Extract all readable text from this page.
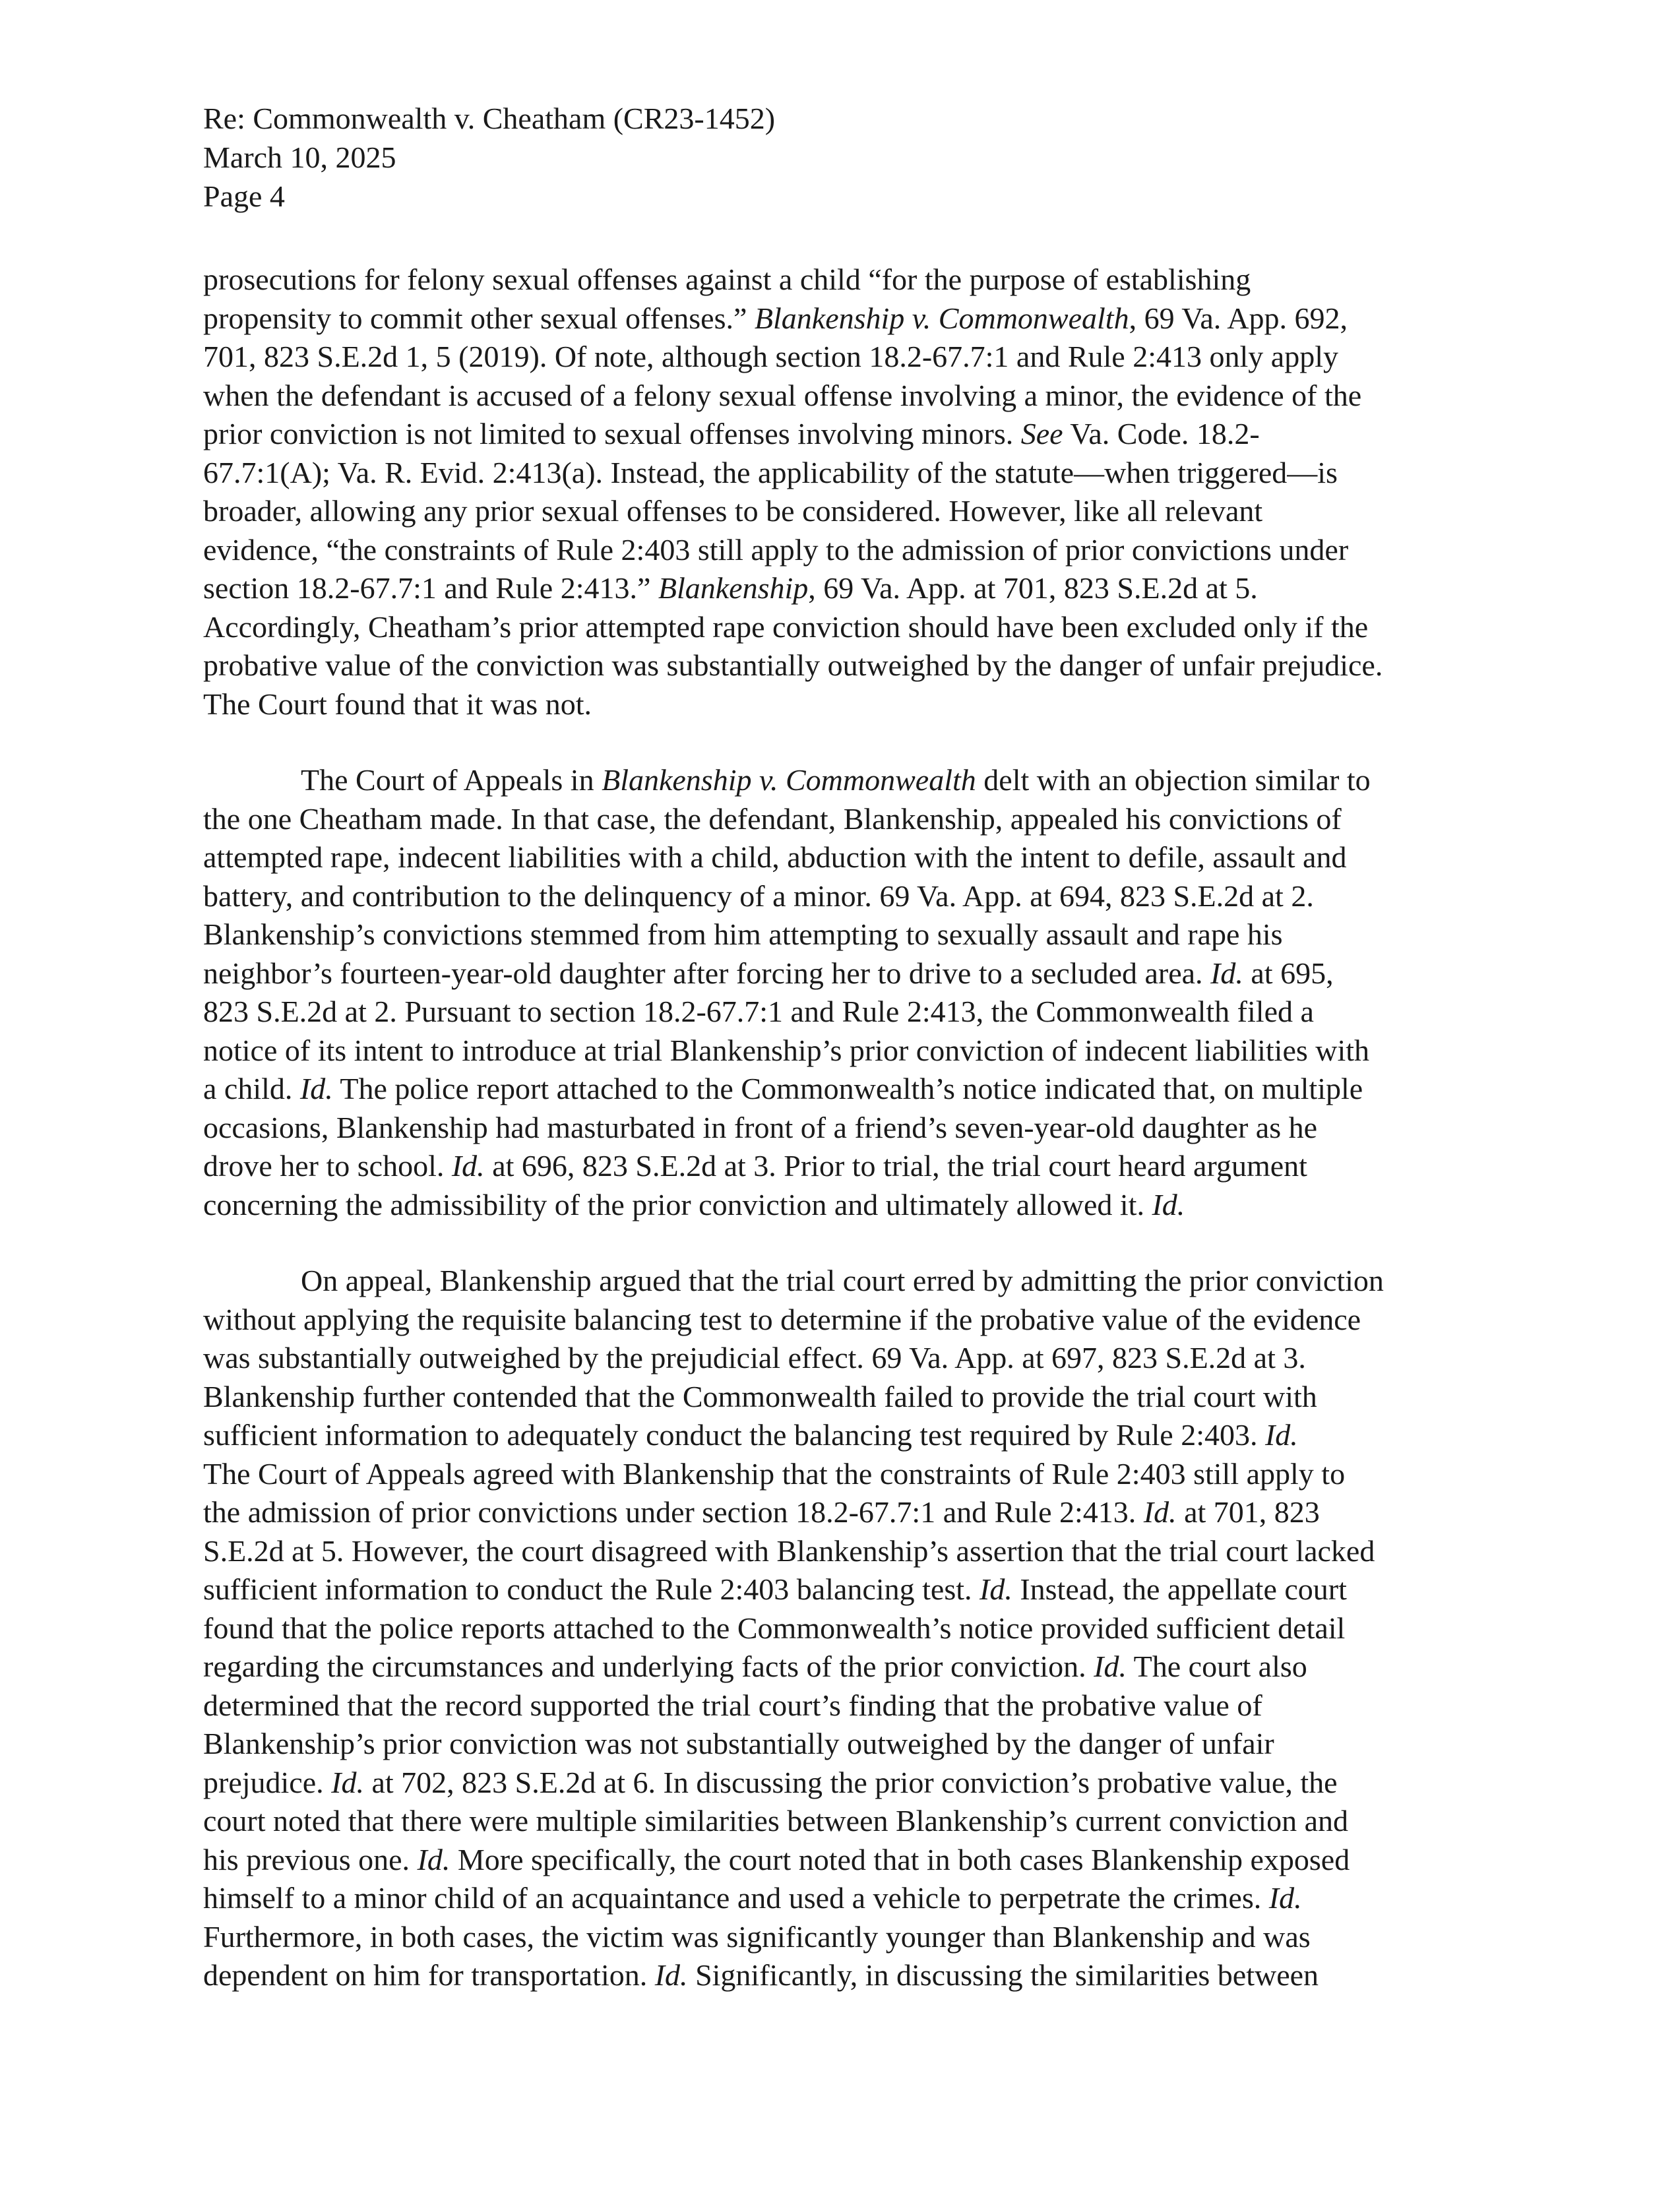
Re: Commonwealth v. Cheatham (CR23-1452)
March 10, 2025
Page 4
prosecutions for felony sexual offenses against a child “for the purpose of establishing
propensity to commit other sexual offenses.” Blankenship v. Commonwealth, 69 Va. App. 692,
701, 823 S.E.2d 1, 5 (2019). Of note, although section 18.2-67.7:1 and Rule 2:413 only apply
when the defendant is accused of a felony sexual offense involving a minor, the evidence of the
prior conviction is not limited to sexual offenses involving minors. See Va. Code. 18.2-
67.7:1(A); Va. R. Evid. 2:413(a). Instead, the applicability of the statute—when triggered—is
broader, allowing any prior sexual offenses to be considered. However, like all relevant
evidence, “the constraints of Rule 2:403 still apply to the admission of prior convictions under
section 18.2-67.7:1 and Rule 2:413.” Blankenship, 69 Va. App. at 701, 823 S.E.2d at 5.
Accordingly, Cheatham’s prior attempted rape conviction should have been excluded only if the
probative value of the conviction was substantially outweighed by the danger of unfair prejudice.
The Court found that it was not.
The Court of Appeals in Blankenship v. Commonwealth delt with an objection similar to
the one Cheatham made. In that case, the defendant, Blankenship, appealed his convictions of
attempted rape, indecent liabilities with a child, abduction with the intent to defile, assault and
battery, and contribution to the delinquency of a minor. 69 Va. App. at 694, 823 S.E.2d at 2.
Blankenship’s convictions stemmed from him attempting to sexually assault and rape his
neighbor’s fourteen-year-old daughter after forcing her to drive to a secluded area. Id. at 695,
823 S.E.2d at 2. Pursuant to section 18.2-67.7:1 and Rule 2:413, the Commonwealth filed a
notice of its intent to introduce at trial Blankenship’s prior conviction of indecent liabilities with
a child. Id. The police report attached to the Commonwealth’s notice indicated that, on multiple
occasions, Blankenship had masturbated in front of a friend’s seven-year-old daughter as he
drove her to school. Id. at 696, 823 S.E.2d at 3. Prior to trial, the trial court heard argument
concerning the admissibility of the prior conviction and ultimately allowed it. Id.
On appeal, Blankenship argued that the trial court erred by admitting the prior conviction
without applying the requisite balancing test to determine if the probative value of the evidence
was substantially outweighed by the prejudicial effect. 69 Va. App. at 697, 823 S.E.2d at 3.
Blankenship further contended that the Commonwealth failed to provide the trial court with
sufficient information to adequately conduct the balancing test required by Rule 2:403. Id.
The Court of Appeals agreed with Blankenship that the constraints of Rule 2:403 still apply to
the admission of prior convictions under section 18.2-67.7:1 and Rule 2:413. Id. at 701, 823
S.E.2d at 5. However, the court disagreed with Blankenship’s assertion that the trial court lacked
sufficient information to conduct the Rule 2:403 balancing test. Id. Instead, the appellate court
found that the police reports attached to the Commonwealth’s notice provided sufficient detail
regarding the circumstances and underlying facts of the prior conviction. Id. The court also
determined that the record supported the trial court’s finding that the probative value of
Blankenship’s prior conviction was not substantially outweighed by the danger of unfair
prejudice. Id. at 702, 823 S.E.2d at 6. In discussing the prior conviction’s probative value, the
court noted that there were multiple similarities between Blankenship’s current conviction and
his previous one. Id. More specifically, the court noted that in both cases Blankenship exposed
himself to a minor child of an acquaintance and used a vehicle to perpetrate the crimes. Id.
Furthermore, in both cases, the victim was significantly younger than Blankenship and was
dependent on him for transportation. Id. Significantly, in discussing the similarities between
